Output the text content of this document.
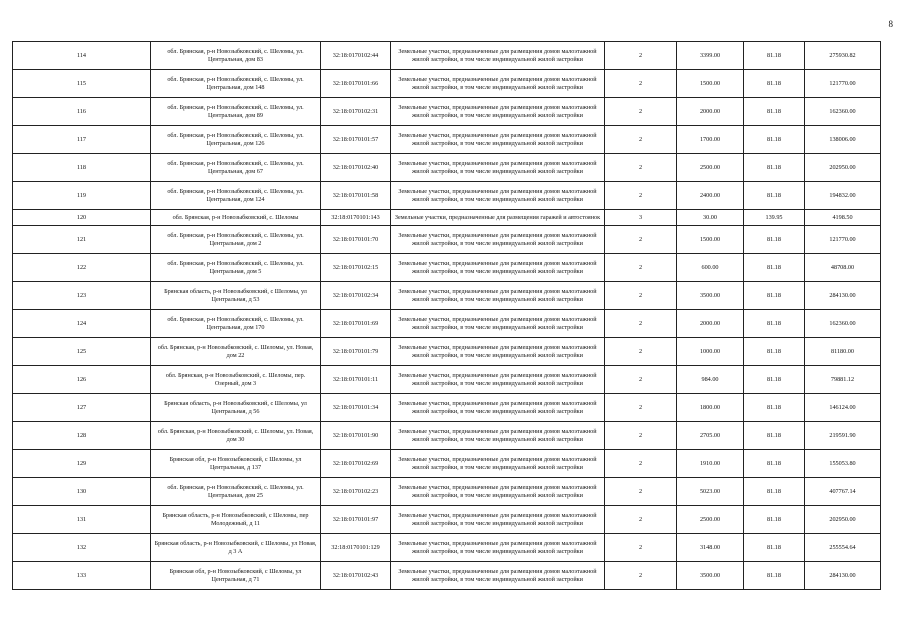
8
114	обл. Брянская, р-н Новозыбковский, с. Шеломы, ул. Центральная, дом 83	32:18:0170102:44	Земельные участки, предназначенные для размещения домов малоэтажной жилой застройки, в том числе индивидуальной жилой застройки	2	3399.00	81.18	275930.82
115	обл. Брянская, р-н Новозыбковский, с. Шеломы, ул. Центральная, дом 148	32:18:0170101:66	Земельные участки, предназначенные для размещения домов малоэтажной жилой застройки, в том числе индивидуальной жилой застройки	2	1500.00	81.18	121770.00
116	обл. Брянская, р-н Новозыбковский, с. Шеломы, ул. Центральная, дом 89	32:18:0170102:31	Земельные участки, предназначенные для размещения домов малоэтажной жилой застройки, в том числе индивидуальной жилой застройки	2	2000.00	81.18	162360.00
117	обл. Брянская, р-н Новозыбковский, с. Шеломы, ул. Центральная, дом 126	32:18:0170101:57	Земельные участки, предназначенные для размещения домов малоэтажной жилой застройки, в том числе индивидуальной жилой застройки	2	1700.00	81.18	138006.00
118	обл. Брянская, р-н Новозыбковский, с. Шеломы, ул. Центральная, дом 67	32:18:0170102:40	Земельные участки, предназначенные для размещения домов малоэтажной жилой застройки, в том числе индивидуальной жилой застройки	2	2500.00	81.18	202950.00
119	обл. Брянская, р-н Новозыбковский, с. Шеломы, ул. Центральная, дом 124	32:18:0170101:58	Земельные участки, предназначенные для размещения домов малоэтажной жилой застройки, в том числе индивидуальной жилой застройки	2	2400.00	81.18	194832.00
120	обл. Брянская, р-н Новозыбковский, с. Шеломы	32:18:0170101:143	Земельные участки, предназначенные для размещения гаражей и автостоянок	3	30.00	139.95	4198.50
121	обл. Брянская, р-н Новозыбковский, с. Шеломы, ул. Центральная, дом 2	32:18:0170101:70	Земельные участки, предназначенные для размещения домов малоэтажной жилой застройки, в том числе индивидуальной жилой застройки	2	1500.00	81.18	121770.00
122	обл. Брянская, р-н Новозыбковский, с. Шеломы, ул. Центральная, дом 5	32:18:0170102:15	Земельные участки, предназначенные для размещения домов малоэтажной жилой застройки, в том числе индивидуальной жилой застройки	2	600.00	81.18	48708.00
123	Брянская область, р-н Новозыбковский, с Шеломы, ул Центральная, д 53	32:18:0170102:34	Земельные участки, предназначенные для размещения домов малоэтажной жилой застройки, в том числе индивидуальной жилой застройки	2	3500.00	81.18	284130.00
124	обл. Брянская, р-н Новозыбковский, с. Шеломы, ул. Центральная, дом 170	32:18:0170101:69	Земельные участки, предназначенные для размещения домов малоэтажной жилой застройки, в том числе индивидуальной жилой застройки	2	2000.00	81.18	162360.00
125	обл. Брянская, р-н Новозыбковский, с. Шеломы, ул. Новая, дом 22	32:18:0170101:79	Земельные участки, предназначенные для размещения домов малоэтажной жилой застройки, в том числе индивидуальной жилой застройки	2	1000.00	81.18	81180.00
126	обл. Брянская, р-н Новозыбковский, с. Шеломы, пер. Озерный, дом 3	32:18:0170101:11	Земельные участки, предназначенные для размещения домов малоэтажной жилой застройки, в том числе индивидуальной жилой застройки	2	984.00	81.18	79881.12
127	Брянская область, р-н Новозыбковский, с Шеломы, ул Центральная, д 56	32:18:0170101:34	Земельные участки, предназначенные для размещения домов малоэтажной жилой застройки, в том числе индивидуальной жилой застройки	2	1800.00	81.18	146124.00
128	обл. Брянская, р-н Новозыбковский, с. Шеломы, ул. Новая, дом 30	32:18:0170101:90	Земельные участки, предназначенные для размещения домов малоэтажной жилой застройки, в том числе индивидуальной жилой застройки	2	2705.00	81.18	219591.90
129	Брянская обл, р-н Новозыбковский, с Шеломы, ул Центральная, д 137	32:18:0170102:69	Земельные участки, предназначенные для размещения домов малоэтажной жилой застройки, в том числе индивидуальной жилой застройки	2	1910.00	81.18	155053.80
130	обл. Брянская, р-н Новозыбковский, с. Шеломы, ул. Центральная, дом 25	32:18:0170102:23	Земельные участки, предназначенные для размещения домов малоэтажной жилой застройки, в том числе индивидуальной жилой застройки	2	5023.00	81.18	407767.14
131	Брянская область, р-н Новозыбковский, с Шеломы, пер Молодежный, д 11	32:18:0170101:97	Земельные участки, предназначенные для размещения домов малоэтажной жилой застройки, в том числе индивидуальной жилой застройки	2	2500.00	81.18	202950.00
132	Брянская область, р-н Новозыбковский, с Шеломы, ул Новая, д 3 А	32:18:0170101:129	Земельные участки, предназначенные для размещения домов малоэтажной жилой застройки, в том числе индивидуальной жилой застройки	2	3148.00	81.18	255554.64
133	Брянская обл, р-н Новозыбковский, с Шеломы, ул Центральная, д 71	32:18:0170102:43	Земельные участки, предназначенные для размещения домов малоэтажной жилой застройки, в том числе индивидуальной жилой застройки	2	3500.00	81.18	284130.00
